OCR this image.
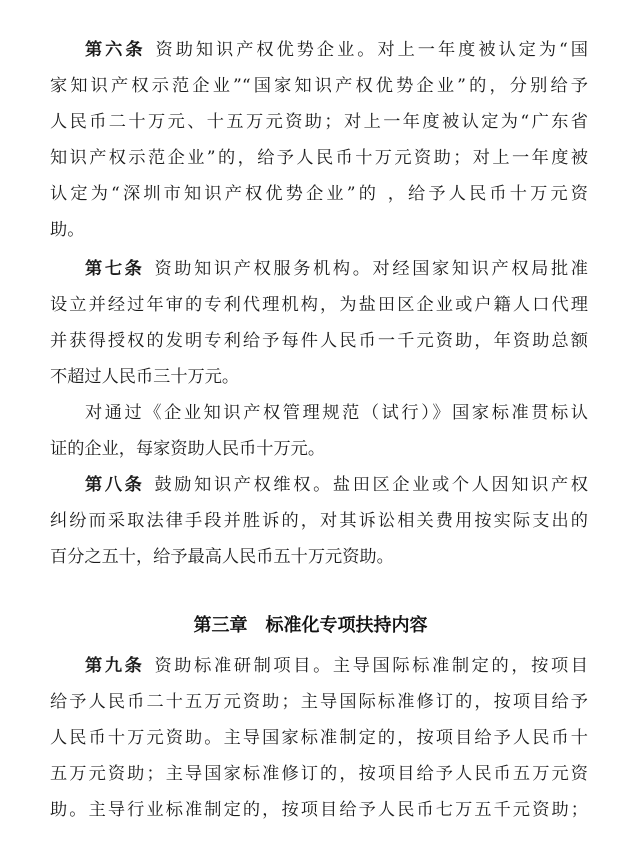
第六条 资助知识产权优势企业。对上一年度被认定为“国
家知识产权示范企业”“国家知识产权优势企业”的，分别给予
人民币二十万元、十五万元资助；对上一年度被认定为“广东省
知识产权示范企业”的，给予人民币十万元资助；对上一年度被
认定为“深圳市知识产权优势企业”的 ，给予人民币十万元资
助。
第七条 资助知识产权服务机构。对经国家知识产权局批准
设立并经过年审的专利代理机构，为盐田区企业或户籍人口代理
并获得授权的发明专利给予每件人民币一千元资助，年资助总额
不超过人民币三十万元。
对通过《企业知识产权管理规范（试行）》国家标准贯标认
证的企业，每家资助人民币十万元。
第八条 鼓励知识产权维权。盐田区企业或个人因知识产权
纠纷而采取法律手段并胜诉的，对其诉讼相关费用按实际支出的
百分之五十，给予最高人民币五十万元资助。
第三章 标准化专项扶持内容
第九条 资助标准研制项目。主导国际标准制定的，按项目
给予人民币二十五万元资助；主导国际标准修订的，按项目给予
人民币十万元资助。主导国家标准制定的，按项目给予人民币十
五万元资助；主导国家标准修订的，按项目给予人民币五万元资
助。主导行业标准制定的，按项目给予人民币七万五千元资助；
